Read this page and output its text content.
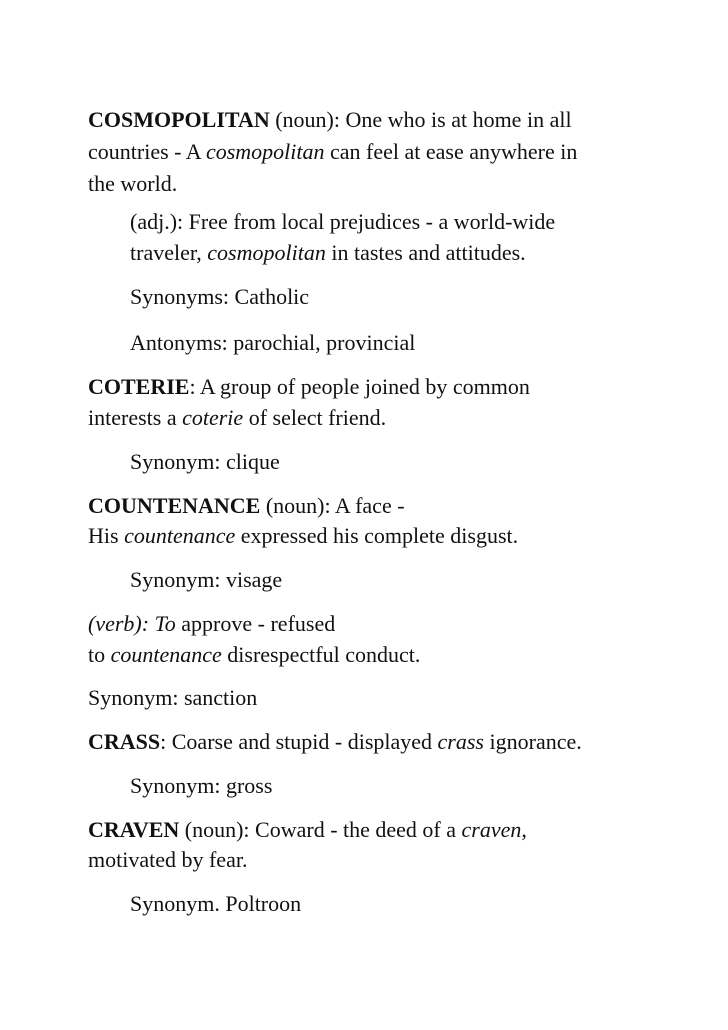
COSMOPOLITAN (noun): One who is at home in all
countries - A cosmopolitan can feel at ease anywhere in
the world.
(adj.): Free from local prejudices - a world-wide
traveler, cosmopolitan in tastes and attitudes.
Synonyms: Catholic
Antonyms: parochial, provincial
COTERIE: A group of people joined by common
interests a coterie of select friend.
Synonym: clique
COUNTENANCE (noun): A face -
His countenance expressed his complete disgust.
Synonym: visage
(verb): To approve - refused
to countenance disrespectful conduct.
Synonym: sanction
CRASS: Coarse and stupid - displayed crass ignorance.
Synonym: gross
CRAVEN (noun): Coward - the deed of a craven,
motivated by fear.
Synonym. Poltroon
